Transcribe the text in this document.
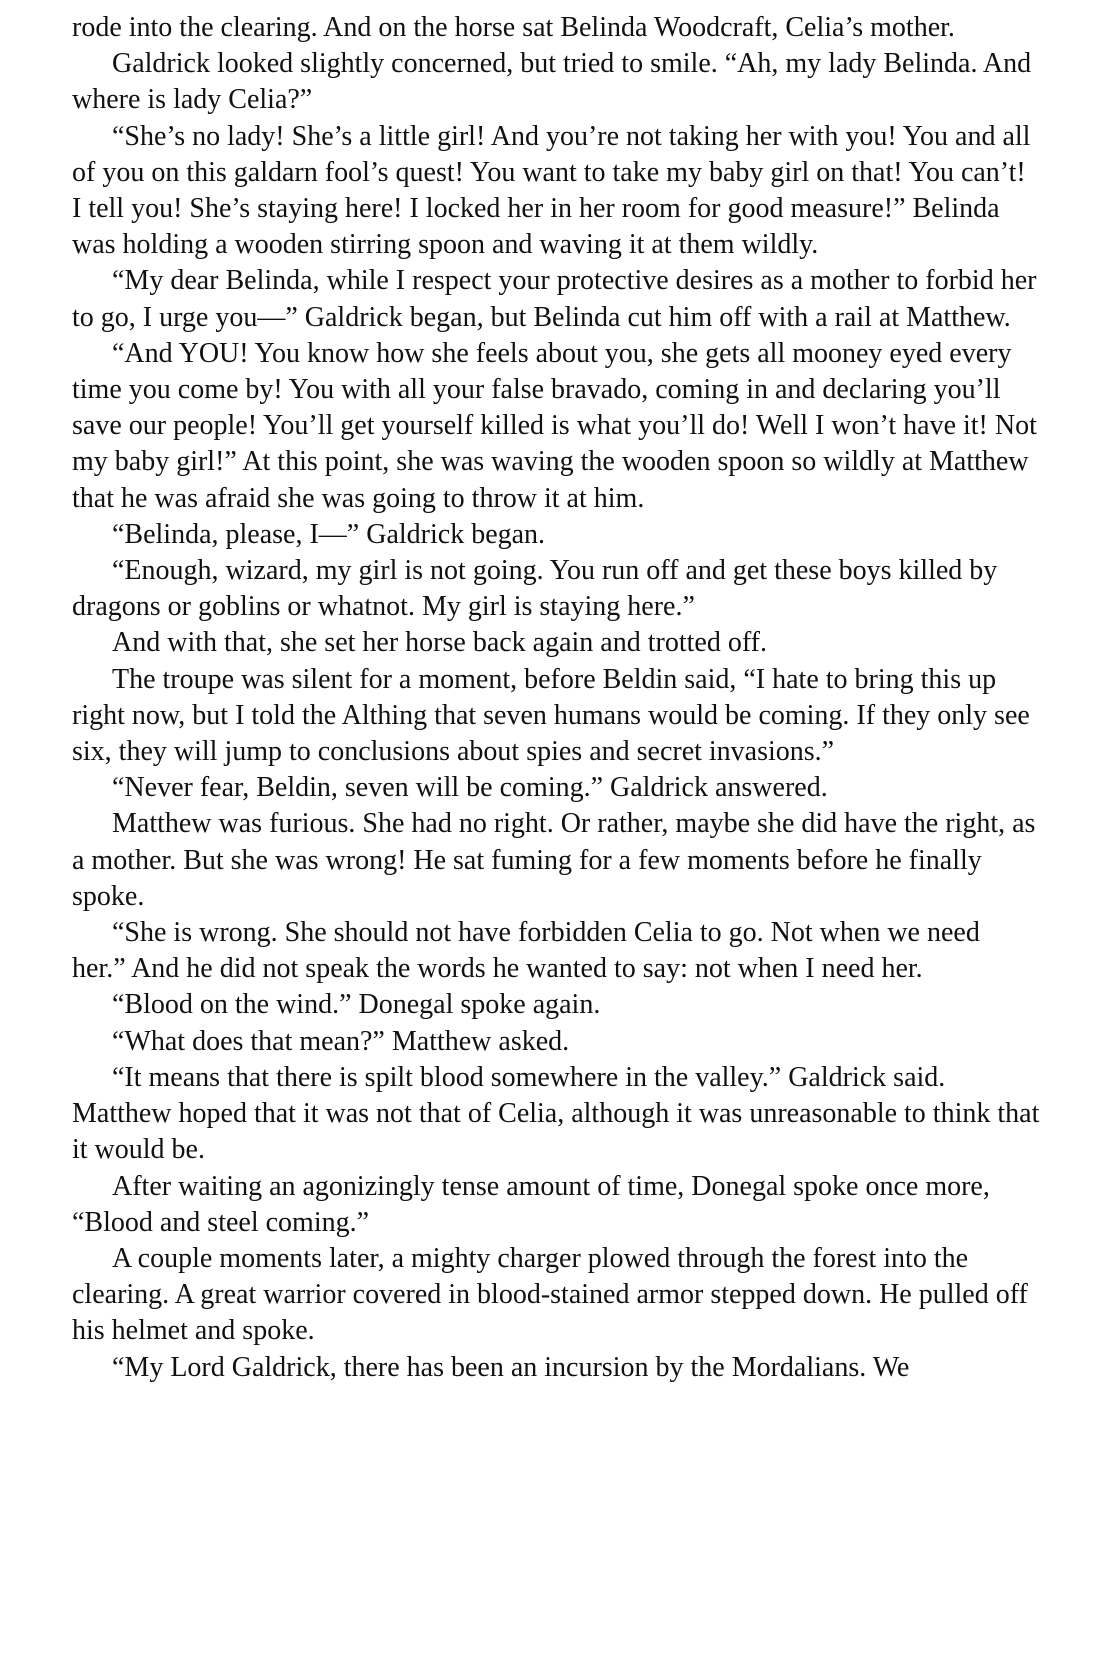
rode into the clearing. And on the horse sat Belinda Woodcraft, Celia’s mother.

Galdrick looked slightly concerned, but tried to smile. “Ah, my lady Belinda. And where is lady Celia?”

“She’s no lady! She’s a little girl! And you’re not taking her with you! You and all of you on this galdarn fool’s quest! You want to take my baby girl on that! You can’t! I tell you! She’s staying here! I locked her in her room for good measure!” Belinda was holding a wooden stirring spoon and waving it at them wildly.

“My dear Belinda, while I respect your protective desires as a mother to forbid her to go, I urge you—” Galdrick began, but Belinda cut him off with a rail at Matthew.

“And YOU! You know how she feels about you, she gets all mooney eyed every time you come by! You with all your false bravado, coming in and declaring you’ll save our people! You’ll get yourself killed is what you’ll do! Well I won’t have it! Not my baby girl!” At this point, she was waving the wooden spoon so wildly at Matthew that he was afraid she was going to throw it at him.

“Belinda, please, I—” Galdrick began.

“Enough, wizard, my girl is not going. You run off and get these boys killed by dragons or goblins or whatnot. My girl is staying here.”

And with that, she set her horse back again and trotted off.

The troupe was silent for a moment, before Beldin said, “I hate to bring this up right now, but I told the Althing that seven humans would be coming. If they only see six, they will jump to conclusions about spies and secret invasions.”

“Never fear, Beldin, seven will be coming.” Galdrick answered.

Matthew was furious. She had no right. Or rather, maybe she did have the right, as a mother. But she was wrong! He sat fuming for a few moments before he finally spoke.

“She is wrong. She should not have forbidden Celia to go. Not when we need her.” And he did not speak the words he wanted to say: not when I need her.

“Blood on the wind.” Donegal spoke again.

“What does that mean?” Matthew asked.

“It means that there is spilt blood somewhere in the valley.” Galdrick said. Matthew hoped that it was not that of Celia, although it was unreasonable to think that it would be.

After waiting an agonizingly tense amount of time, Donegal spoke once more, “Blood and steel coming.”

A couple moments later, a mighty charger plowed through the forest into the clearing. A great warrior covered in blood-stained armor stepped down. He pulled off his helmet and spoke.

“My Lord Galdrick, there has been an incursion by the Mordalians. We
